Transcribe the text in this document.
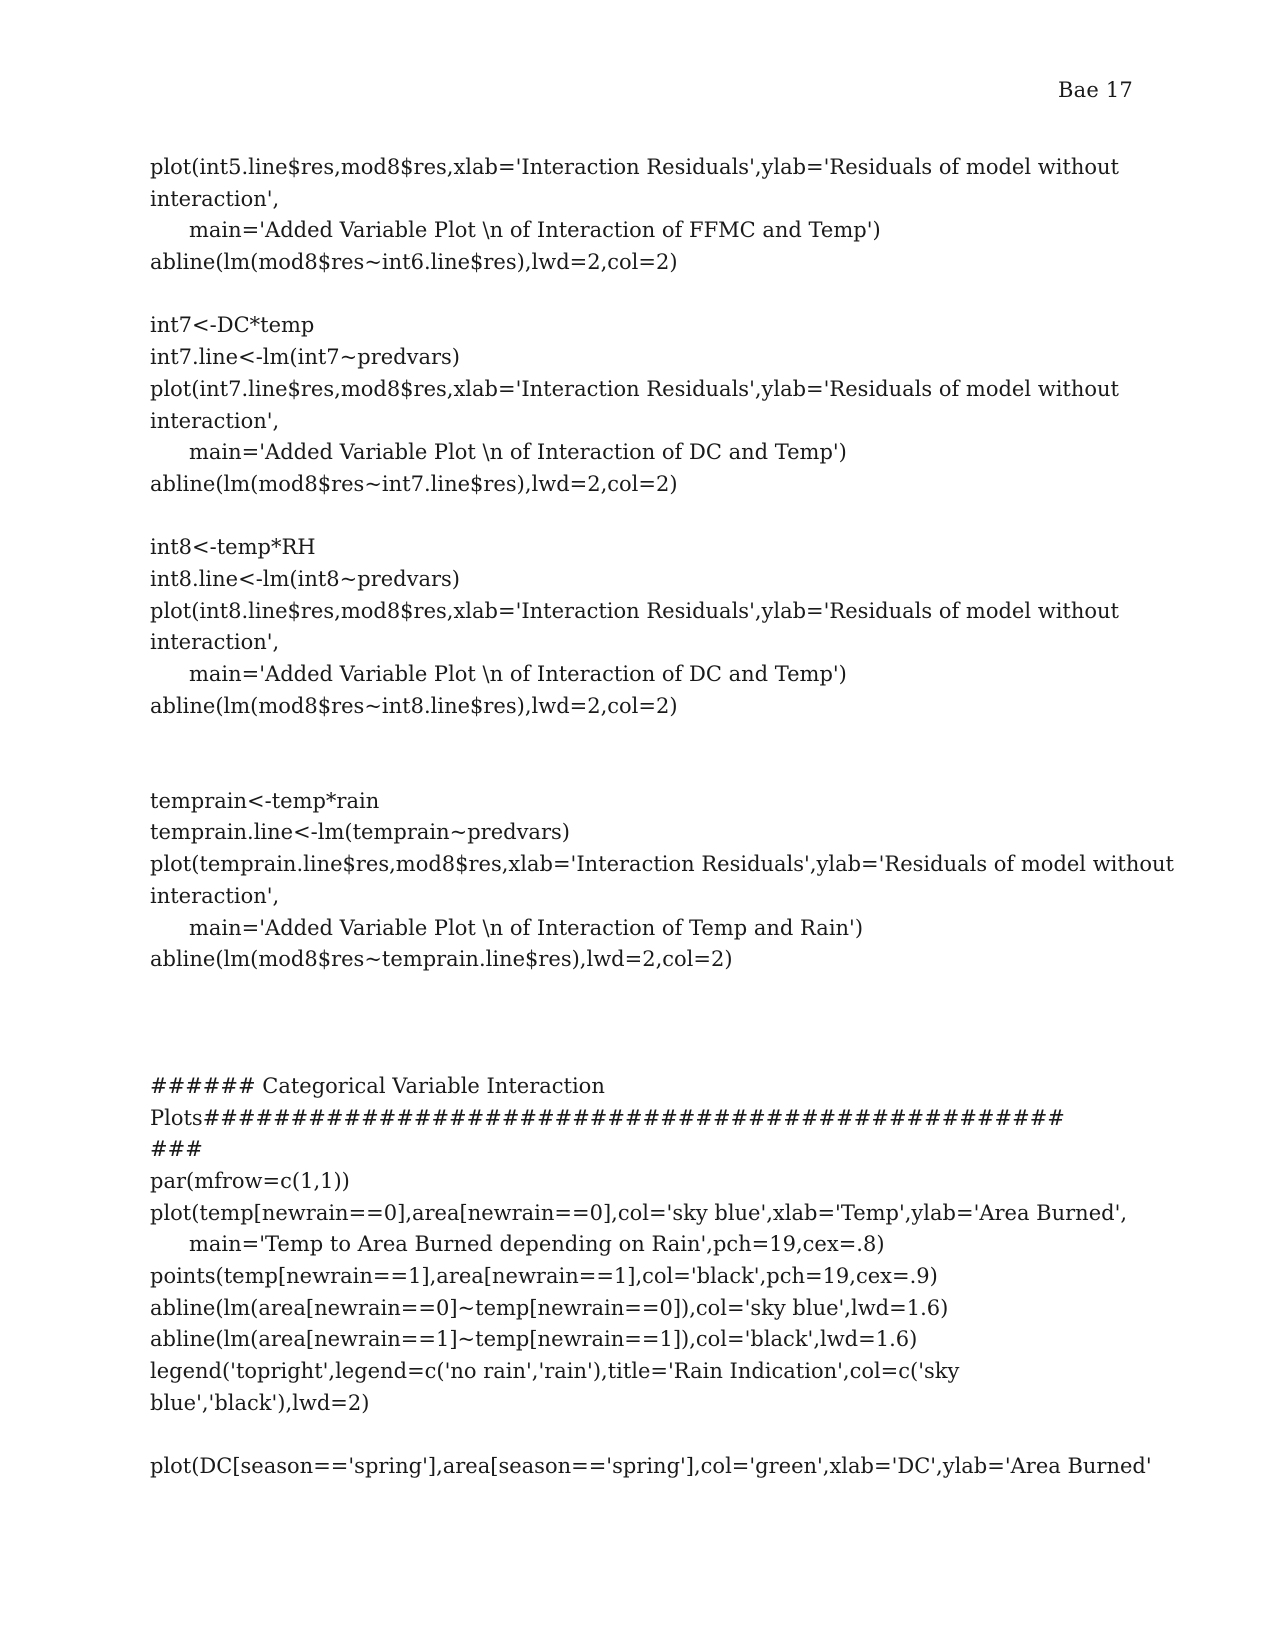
Bae 17
plot(int5.line$res,mod8$res,xlab='Interaction Residuals',ylab='Residuals of model without
interaction',
main='Added Variable Plot \n of Interaction of FFMC and Temp')
abline(lm(mod8$res~int6.line$res),lwd=2,col=2)
int7<-DC*temp
int7.line<-lm(int7~predvars)
plot(int7.line$res,mod8$res,xlab='Interaction Residuals',ylab='Residuals of model without
interaction',
main='Added Variable Plot \n of Interaction of DC and Temp')
abline(lm(mod8$res~int7.line$res),lwd=2,col=2)
int8<-temp*RH
int8.line<-lm(int8~predvars)
plot(int8.line$res,mod8$res,xlab='Interaction Residuals',ylab='Residuals of model without
interaction',
main='Added Variable Plot \n of Interaction of DC and Temp')
abline(lm(mod8$res~int8.line$res),lwd=2,col=2)
temprain<-temp*rain
temprain.line<-lm(temprain~predvars)
plot(temprain.line$res,mod8$res,xlab='Interaction Residuals',ylab='Residuals of model without
interaction',
main='Added Variable Plot \n of Interaction of Temp and Rain')
abline(lm(mod8$res~temprain.line$res),lwd=2,col=2)
###### Categorical Variable Interaction
Plots#################################################
###
par(mfrow=c(1,1))
plot(temp[newrain==0],area[newrain==0],col='sky blue',xlab='Temp',ylab='Area Burned',
main='Temp to Area Burned depending on Rain',pch=19,cex=.8)
points(temp[newrain==1],area[newrain==1],col='black',pch=19,cex=.9)
abline(lm(area[newrain==0]~temp[newrain==0]),col='sky blue',lwd=1.6)
abline(lm(area[newrain==1]~temp[newrain==1]),col='black',lwd=1.6)
legend('topright',legend=c('no rain','rain'),title='Rain Indication',col=c('sky
blue','black'),lwd=2)
plot(DC[season=='spring'],area[season=='spring'],col='green',xlab='DC',ylab='Area Burned'
